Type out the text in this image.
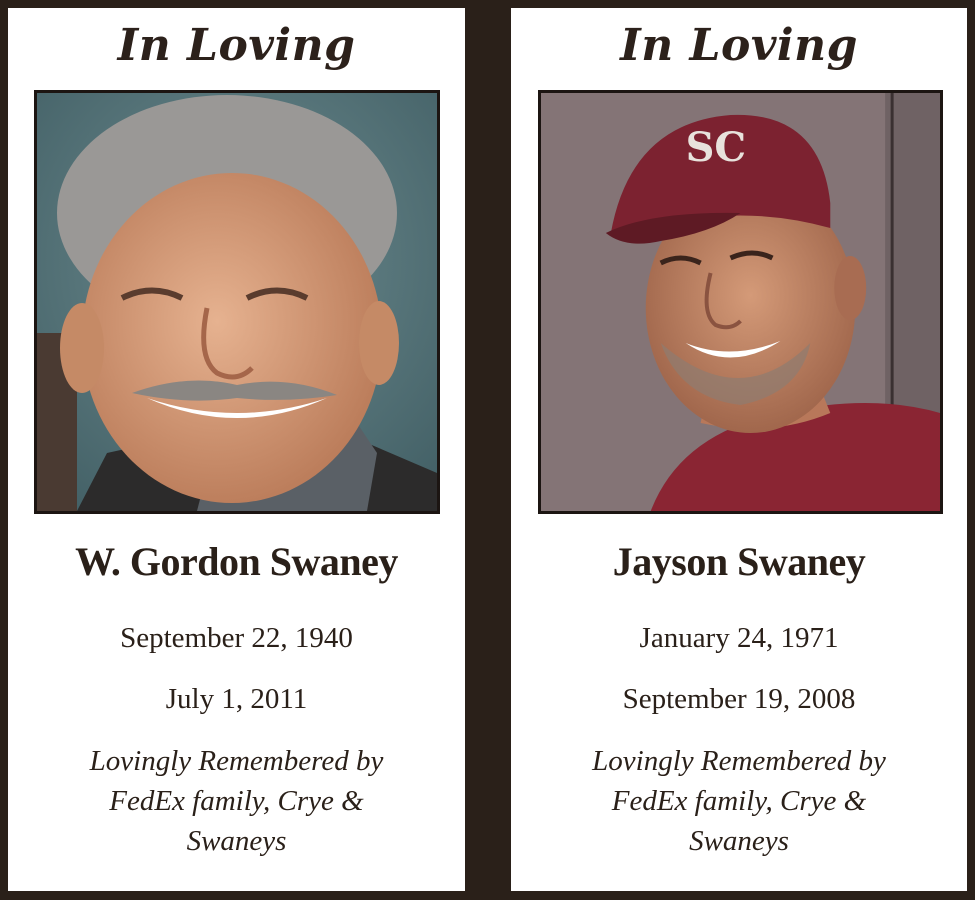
In Loving
W. Gordon Swaney
September 22, 1940
July 1, 2011
Lovingly Remembered by
FedEx family, Crye &
Swaneys
In Loving
SC
Jayson Swaney
January 24, 1971
September 19, 2008
Lovingly Remembered by
FedEx family, Crye &
Swaneys
